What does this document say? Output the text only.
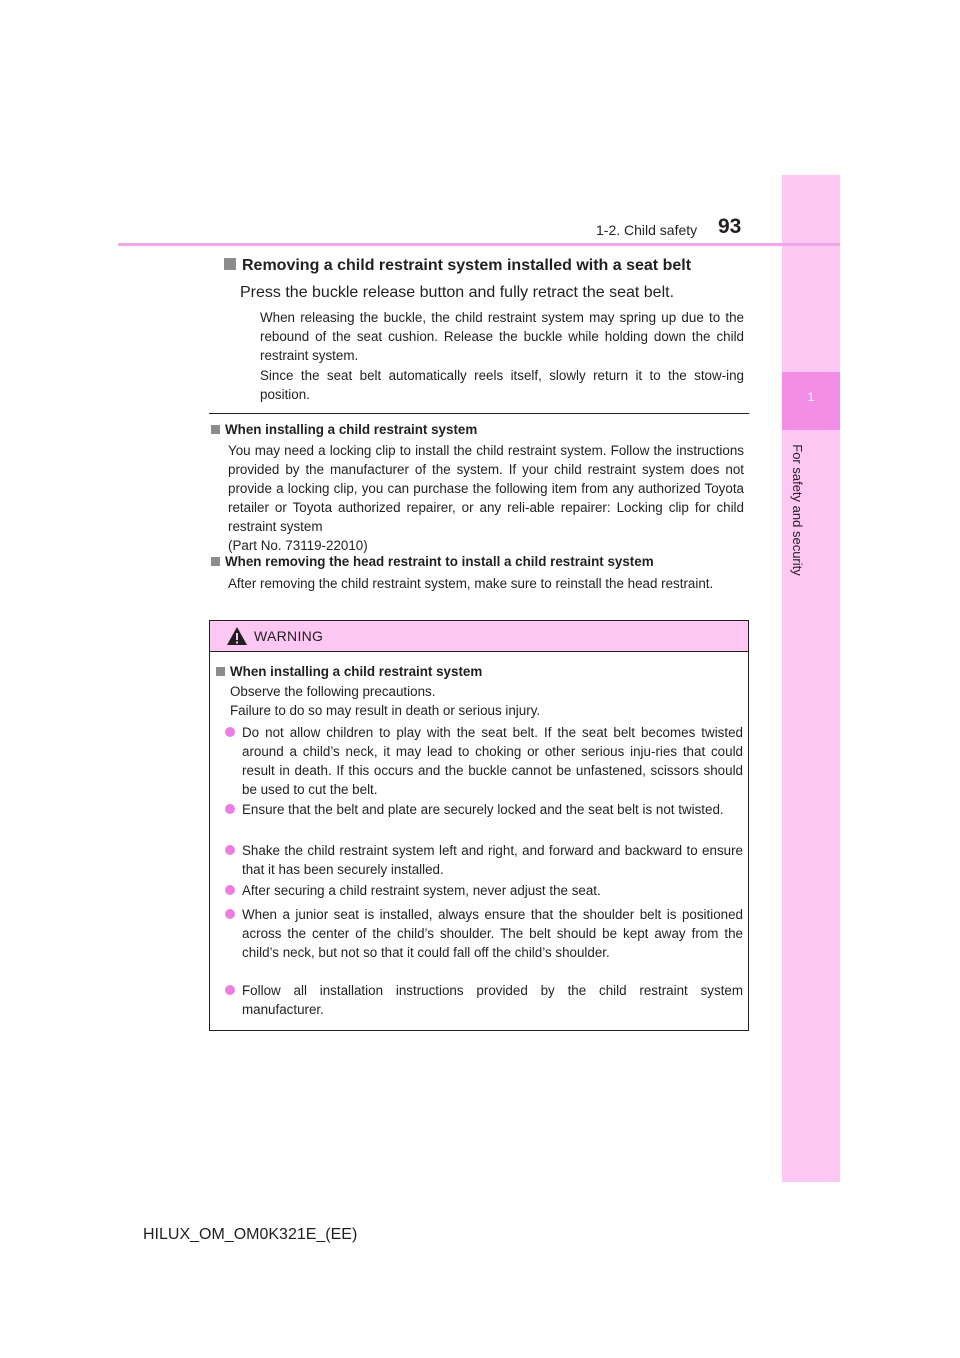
1
For safety and security
1-2. Child safety 93
Removing a child restraint system installed with a seat belt
Press the buckle release button and fully retract the seat belt.
When releasing the buckle, the child restraint system may spring up due to the rebound of the seat cushion. Release the buckle while holding down the child restraint system.
Since the seat belt automatically reels itself, slowly return it to the stow-ing position.
When installing a child restraint system
You may need a locking clip to install the child restraint system. Follow the instructions provided by the manufacturer of the system. If your child restraint system does not provide a locking clip, you can purchase the following item from any authorized Toyota retailer or Toyota authorized repairer, or any reli-able repairer: Locking clip for child restraint system
(Part No. 73119-22010)
When removing the head restraint to install a child restraint system
After removing the child restraint system, make sure to reinstall the head restraint.
WARNING
When installing a child restraint system
Observe the following precautions.
Failure to do so may result in death or serious injury.
Do not allow children to play with the seat belt. If the seat belt becomes twisted around a child’s neck, it may lead to choking or other serious inju-ries that could result in death. If this occurs and the buckle cannot be unfastened, scissors should be used to cut the belt.
Ensure that the belt and plate are securely locked and the seat belt is not twisted.
Shake the child restraint system left and right, and forward and backward to ensure that it has been securely installed.
After securing a child restraint system, never adjust the seat.
When a junior seat is installed, always ensure that the shoulder belt is positioned across the center of the child’s shoulder. The belt should be kept away from the child’s neck, but not so that it could fall off the child’s shoulder.
Follow all installation instructions provided by the child restraint system manufacturer.
HILUX_OM_OM0K321E_(EE)
